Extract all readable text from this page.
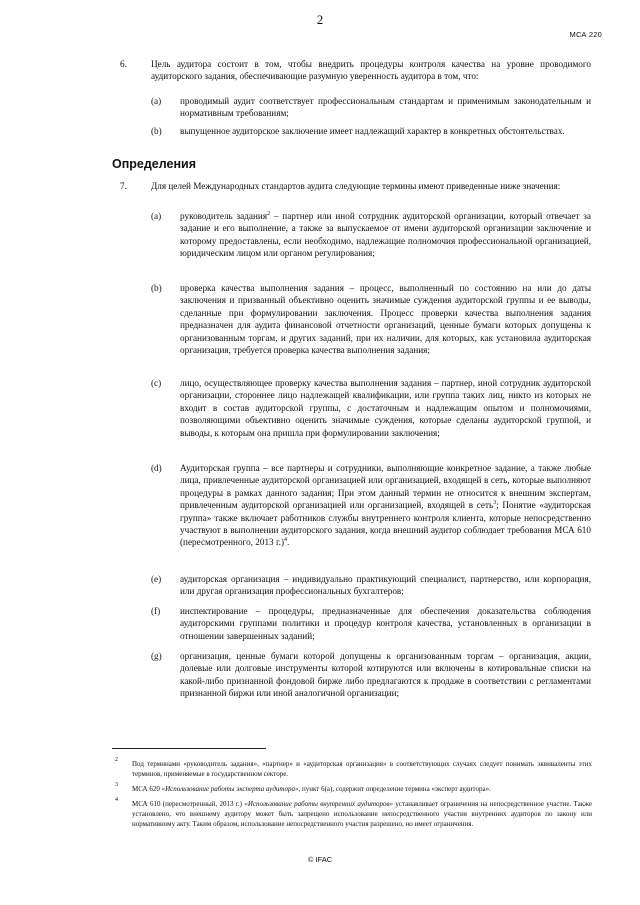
2
МСА 220
6.	Цель аудитора состоит в том, чтобы внедрить процедуры контроля качества на уровне проводимого аудиторского задания, обеспечивающие разумную уверенность аудитора в том, что:
(a) проводимый аудит соответствует профессиональным стандартам и применимым законодательным и нормативным требованиям;
(b) выпущенное аудиторское заключение имеет надлежащий характер в конкретных обстоятельствах.
Определения
7.	Для целей Международных стандартов аудита следующие термины имеют приведенные ниже значения:
(a) руководитель задания$^2$ – партнер или иной сотрудник аудиторской организации, который отвечает за задание и его выполнение, а также за выпускаемое от имени аудиторской организации заключение и которому предоставлены, если необходимо, надлежащие полномочия профессиональной организацией, юридическим лицом или органом регулирования;
(b) проверка качества выполнения задания – процесс, выполненный по состоянию на или до даты заключения и призванный объективно оценить значимые суждения аудиторской группы и ее выводы, сделанные при формулировании заключения. Процесс проверки качества выполнения задания предназначен для аудита финансовой отчетности организаций, ценные бумаги которых допущены к организованным торгам, и других заданий, при их наличии, для которых, как установила аудиторская организация, требуется проверка качества выполнения задания;
(c) лицо, осуществляющее проверку качества выполнения задания – партнер, иной сотрудник аудиторской организации, стороннее лицо надлежащей квалификации, или группа таких лиц, никто из которых не входит в состав аудиторской группы, с достаточным и надлежащим опытом и полномочиями, позволяющими объективно оценить значимые суждения, которые сделаны аудиторской группой, и выводы, к которым она пришла при формулировании заключения;
(d) Аудиторская группа – все партнеры и сотрудники, выполняющие конкретное задание, а также любые лица, привлеченные аудиторской организацией или организацией, входящей в сеть, которые выполняют процедуры в рамках данного задания; При этом данный термин не относится к внешним экспертам, привлеченным аудиторской организацией или организацией, входящей в сеть$^3$; Понятие «аудиторская группа» также включает работников службы внутреннего контроля клиента, которые непосредственно участвуют в выполнении аудиторского задания, когда внешний аудитор соблюдает требования МСА 610 (пересмотренного, 2013 г.)$^4$.
(e) аудиторская организация – индивидуально практикующий специалист, партнерство, или корпорация, или другая организация профессиональных бухгалтеров;
(f) инспектирование – процедуры, предназначенные для обеспечения доказательства соблюдения аудиторскими группами политики и процедур контроля качества, установленных в организации в отношении завершенных заданий;
(g) организация, ценные бумаги которой допущены к организованным торгам – организация, акции, долевые или долговые инструменты которой котируются или включены в котировальные списки на какой-либо признанной фондовой бирже либо предлагаются к продаже в соответствии с регламентами признанной биржи или иной аналогичной организации;
2 Под терминами «руководитель задания», «партнер» и «аудиторская организация» в соответствующих случаях следует понимать эквиваленты этих терминов, применяемые в государственном секторе.
3 МСА 620 «Использование работы эксперта аудитора», пункт 6(a), содержит определение термина «эксперт аудитора».
4 МСА 610 (пересмотренный, 2013 г.) «Использование работы внутренних аудиторов» устанавливает ограничения на непосредственное участие. Также установлено, что внешнему аудитору может быть запрещено использование непосредственного участия внутренних аудиторов по закону или нормативному акту. Таким образом, использование непосредственного участия разрешено, но имеет ограничения.
© IFAC
